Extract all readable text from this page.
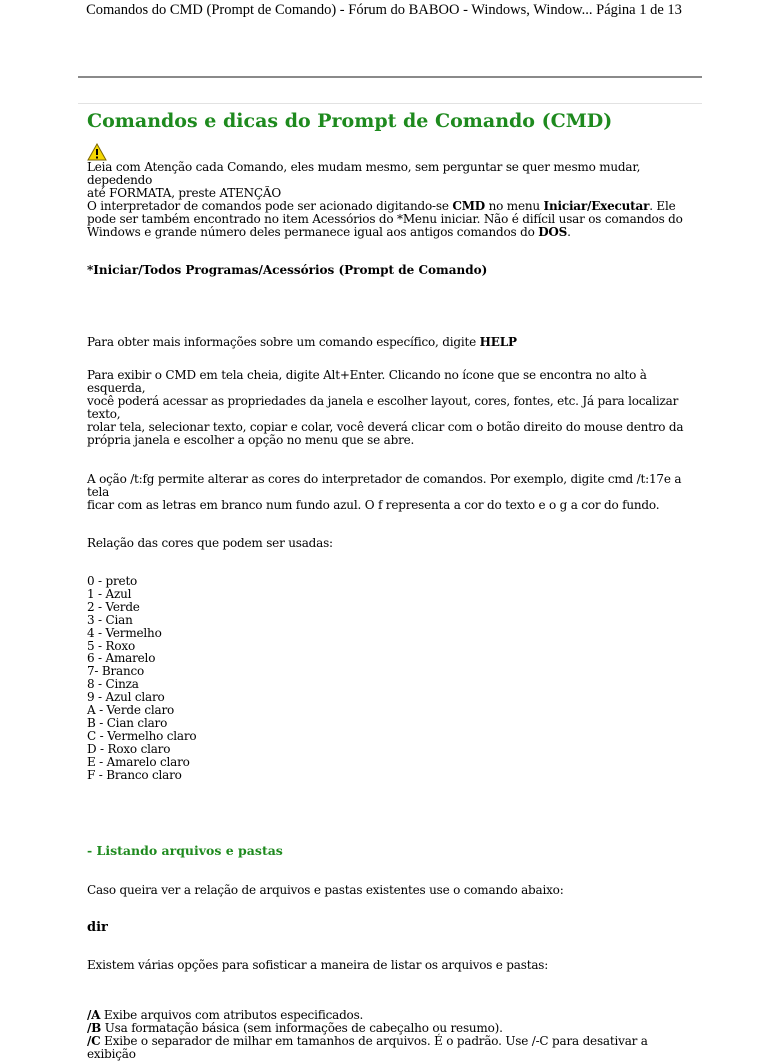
Comandos do CMD (Prompt de Comando) - Fórum do BABOO - Windows, Window... Página 1 de 13
Comandos e dicas do Prompt de Comando (CMD)
Leia com Atenção cada Comando, eles mudam mesmo, sem perguntar se quer mesmo mudar, depedendo
até FORMATA, preste ATENÇÃO
O interpretador de comandos pode ser acionado digitando-se CMD no menu Iniciar/Executar. Ele
pode ser também encontrado no item Acessórios do *Menu iniciar. Não é difícil usar os comandos do
Windows e grande número deles permanece igual aos antigos comandos do DOS.

*Iniciar/Todos Programas/Acessórios (Prompt de Comando)

Para obter mais informações sobre um comando específico, digite HELP

Para exibir o CMD em tela cheia, digite Alt+Enter. Clicando no ícone que se encontra no alto à esquerda,
você poderá acessar as propriedades da janela e escolher layout, cores, fontes, etc. Já para localizar texto,
rolar tela, selecionar texto, copiar e colar, você deverá clicar com o botão direito do mouse dentro da
própria janela e escolher a opção no menu que se abre.
A oção /t:fg permite alterar as cores do interpretador de comandos. Por exemplo, digite cmd /t:17e a tela
ficar com as letras em branco num fundo azul. O f representa a cor do texto e o g a cor do fundo.

Relação das cores que podem ser usadas:

0 - preto
1 - Azul
2 - Verde
3 - Cian
4 - Vermelho
5 - Roxo
6 - Amarelo
7- Branco
8 - Cinza
9 - Azul claro
A - Verde claro
B - Cian claro
C - Vermelho claro
D - Roxo claro
E - Amarelo claro
F - Branco claro

- Listando arquivos e pastas

Caso queira ver a relação de arquivos e pastas existentes use o comando abaixo:

dir

Existem várias opções para sofisticar a maneira de listar os arquivos e pastas:

/A Exibe arquivos com atributos especificados.
/B Usa formatação básica (sem informações de cabeçalho ou resumo).
/C Exibe o separador de milhar em tamanhos de arquivos. É o padrão. Use /-C para desativar a exibição
